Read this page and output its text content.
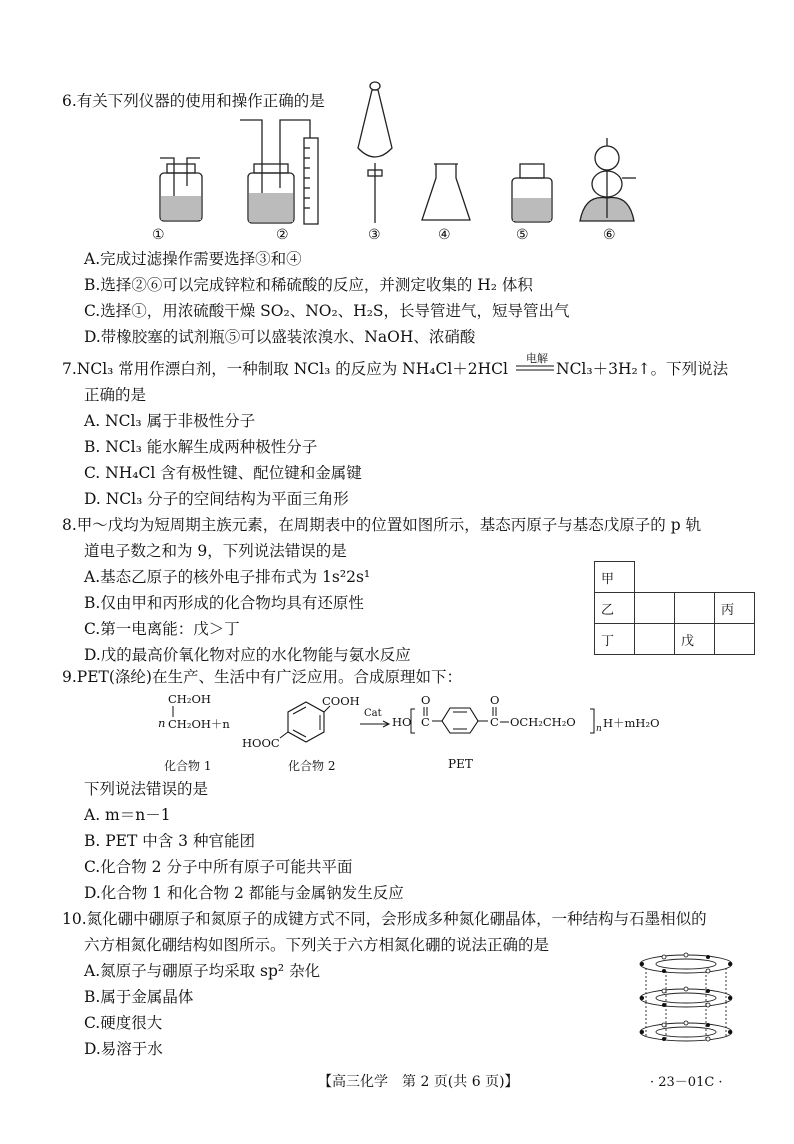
6.有关下列仪器的使用和操作正确的是
①	②	③	④	⑤	⑥
A.完成过滤操作需要选择③和④
B.选择②⑥可以完成锌粒和稀硫酸的反应，并测定收集的 H₂ 体积
C.选择①，用浓硫酸干燥 SO₂、NO₂、H₂S，长导管进气，短导管出气
D.带橡胶塞的试剂瓶⑤可以盛装浓溴水、NaOH、浓硝酸
7.NCl₃ 常用作漂白剂，一种制取 NCl₃ 的反应为 NH₄Cl＋2HCl
电解
NCl₃＋3H₂↑。下列说法
正确的是
A. NCl₃ 属于非极性分子
B. NCl₃ 能水解生成两种极性分子
C. NH₄Cl 含有极性键、配位键和金属键
D. NCl₃ 分子的空间结构为平面三角形
8.甲～戊均为短周期主族元素，在周期表中的位置如图所示，基态丙原子与基态戊原子的 p 轨
道电子数之和为 9，下列说法错误的是
A.基态乙原子的核外电子排布式为 1s²2s¹
B.仅由甲和丙形成的化合物均具有还原性
C.第一电离能：戊＞丁
D.戊的最高价氧化物对应的水化物能与氨水反应
甲			
乙			丙
丁		戊	
9.PET(涤纶)在生产、生活中有广泛应用。合成原理如下：
CH₂OH
n CH₂OH＋n
COOH
HOOC
Cat
→ HO
O
C
O
C OCH₂CH₂O n H＋mH₂O
化合物 1	化合物 2	PET
下列说法错误的是
A. m＝n－1
B. PET 中含 3 种官能团
C.化合物 2 分子中所有原子可能共平面
D.化合物 1 和化合物 2 都能与金属钠发生反应
10.氮化硼中硼原子和氮原子的成键方式不同，会形成多种氮化硼晶体，一种结构与石墨相似的
六方相氮化硼结构如图所示。下列关于六方相氮化硼的说法正确的是
A.氮原子与硼原子均采取 sp² 杂化
B.属于金属晶体
C.硬度很大
D.易溶于水
【高三化学　第 2 页(共 6 页)】	· 23－01C ·
